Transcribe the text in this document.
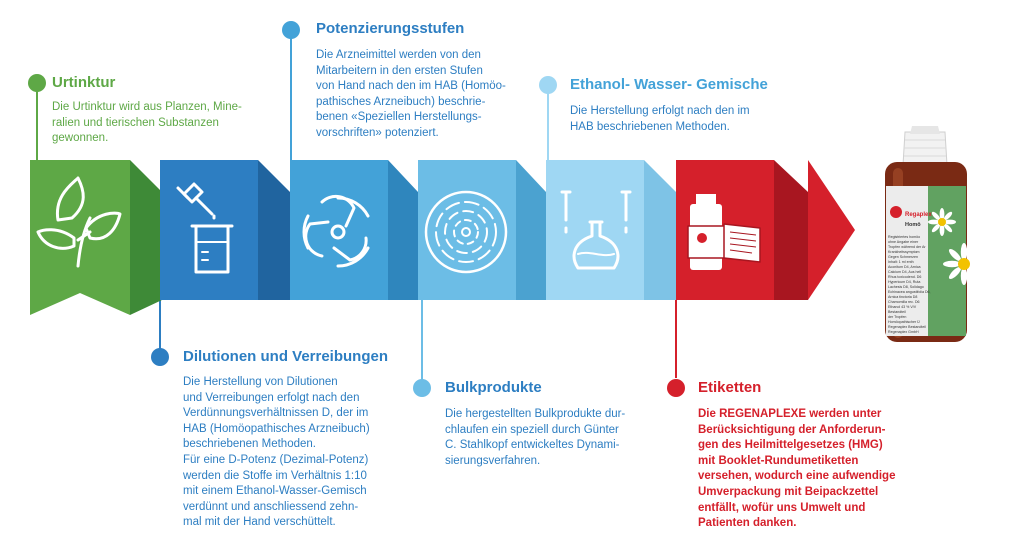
Regaplex
Homö
Registriertes homöo
ohne Angabe einer
Tropfen während der Ar
Krankheitssymptom
Gegen Schmerzen
Inhalt: 1 ml enth
Aconitum D4, Arnica
Calcium D4, Aus hell
Rhus toxicodend. D6
Hypericum D4, Ruta
Lachesis D8, Solidago
Echinacea angustifolia D6,
Arnica tinctoria D8
Chamomilla rec. D6
Ethanol 43 % V/V
Bestandteil
der Tropfen
Homöopathischer Ü
Regenaplex Bestandteil
Regenaplex GmbH
Urtinktur
Die Urtinktur wird aus Planzen, Mine-
ralien und tierischen Substanzen
gewonnen.
Dilutionen und Verreibungen
Die Herstellung von Dilutionen
und Verreibungen erfolgt nach den
Verdünnungsverhältnissen D, der im
HAB (Homöopathisches Arzneibuch)
beschriebenen Methoden.
Für eine D-Potenz (Dezimal-Potenz)
werden die Stoffe im Verhältnis 1:10
mit einem Ethanol-Wasser-Gemisch
verdünnt und anschliessend zehn-
mal mit der Hand verschüttelt.
Potenzierungsstufen
Die Arzneimittel werden von den
Mitarbeitern in den ersten Stufen
von Hand nach den im HAB (Homöo-
pathisches Arzneibuch) beschrie-
benen «Speziellen Herstellungs-
vorschriften» potenziert.
Bulkprodukte
Die hergestellten Bulkprodukte dur-
chlaufen ein speziell durch Günter
C. Stahlkopf entwickeltes Dynami-
sierungsverfahren.
Ethanol- Wasser- Gemische
Die Herstellung erfolgt nach den im
HAB beschriebenen Methoden.
Etiketten
Die REGENAPLEXE werden unter
Berücksichtigung der Anforderun-
gen des Heilmittelgesetzes (HMG)
mit Booklet-Rundumetiketten
versehen, wodurch eine aufwendige
Umverpackung mit Beipackzettel
entfällt, wofür uns Umwelt und
Patienten danken.
